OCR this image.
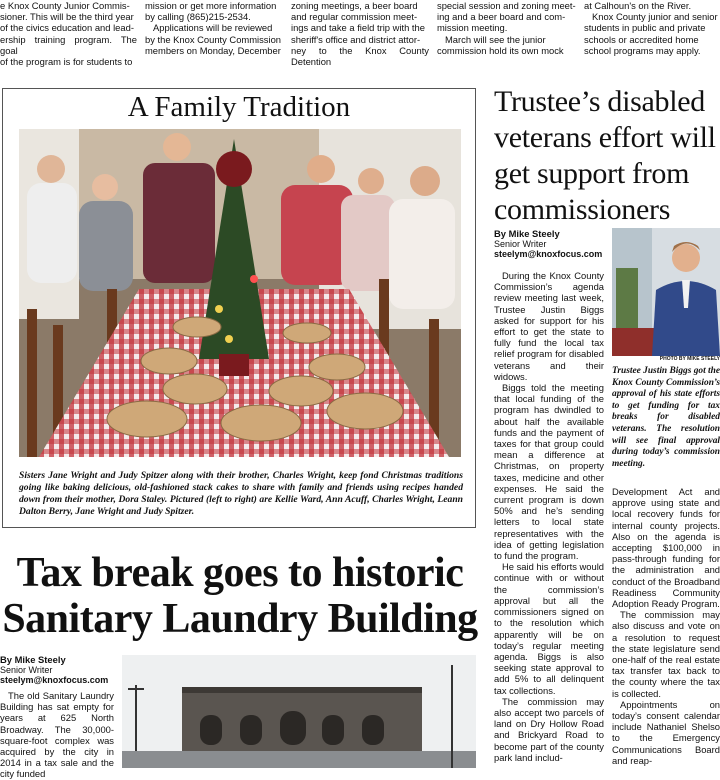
e Knox County Junior Commis-
sioner. This will be the third year
of the civics education and lead-
ership training program. The goal
of the program is for students to
mission or get more information
by calling (865)215-2534.
Applications will be reviewed
by the Knox County Commission
members on Monday, December
zoning meetings, a beer board
and regular commission meet-
ings and take a field trip with the
sheriff's office and district attor-
ney to the Knox County Detention
special session and zoning meet-
ing and a beer board and com-
mission meeting.
March will see the junior
commission hold its own mock
at Calhoun's on the River.
Knox County junior and senior
students in public and private
schools or accredited home
school programs may apply.
A Family Tradition
Sisters Jane Wright and Judy Spitzer along with their brother, Charles Wright, keep fond Christmas traditions going like baking delicious, old-fashioned stack cakes to share with family and friends using recipes handed down from their mother, Dora Staley. Pictured (left to right) are Kellie Ward, Ann Acuff, Charles Wright, Leann Dalton Berry, Jane Wright and Judy Spitzer.
Trustee’s disabled veterans effort will get support from commissioners
By Mike Steely
Senior Writer
steelym@knoxfocus.com

During the Knox County Commission’s agenda review meeting last week, Trustee Justin Biggs asked for support for his effort to get the state to fully fund the local tax relief program for disabled veterans and their widows.

Biggs told the meeting that local funding of the program has dwindled to about half the available funds and the payment of taxes for that group could mean a difference at Christmas, on property taxes, medicine and other expenses. He said the current program is down 50% and he’s sending letters to local state representatives with the idea of getting legislation to fund the program.

He said his efforts would continue with or without the commission’s approval but all the commissioners signed on to the resolution which apparently will be on today’s regular meeting agenda. Biggs is also seeking state approval to add 5% to all delinquent tax collections.

The commission may also accept two parcels of land on Dry Hollow Road and Brickyard Road to become part of the county park land includ-

PHOTO BY MIKE STEELY
Trustee Justin Biggs got the Knox County Commission’s approval of his state efforts to get funding for tax breaks for disabled veterans. The resolution will see final approval during today’s commission meeting.

Development Act and approve using state and local recovery funds for internal county projects. Also on the agenda is accepting $100,000 in pass-through funding for the administration and conduct of the Broadband Readiness Community Adoption Ready Program.

The commission may also discuss and vote on a resolution to request the state legislature send one-half of the real estate tax transfer tax back to the county where the tax is collected.

Appointments on today’s consent calendar include Nathaniel Shelso to the Emergency Communications Board and reap-

Tax break goes to historic Sanitary Laundry Building
By Mike Steely
Senior Writer
steelym@knoxfocus.com

The old Sanitary Laundry Building has sat empty for years at 625 North Broadway. The 30,000-square-foot complex was acquired by the city in 2014 in a tax sale and the city funded
